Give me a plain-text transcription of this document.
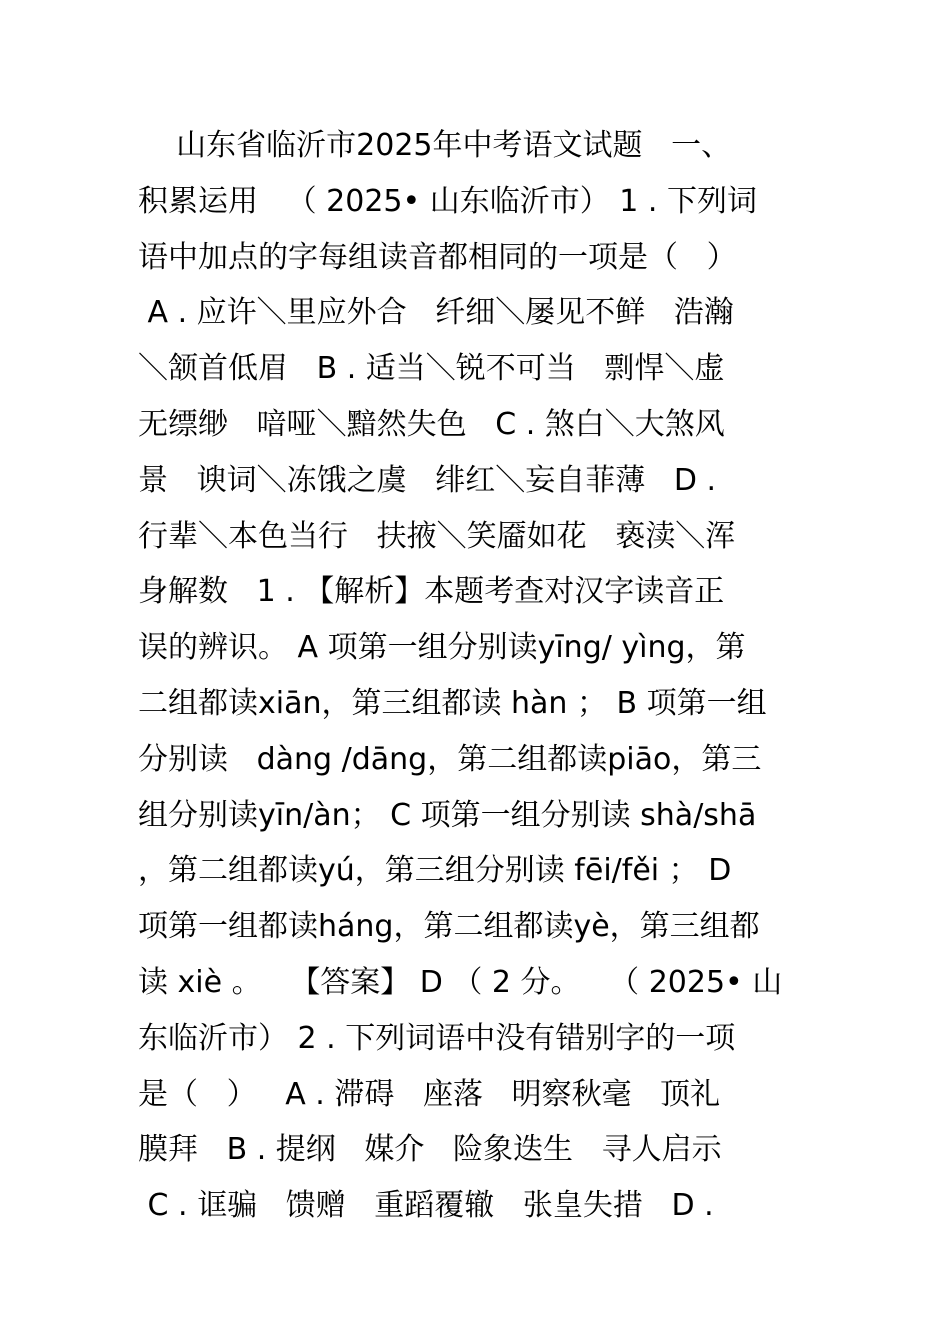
山东省临沂市2025年中考语文试题   一、
积累运用   （ 2025• 山东临沂市） 1 . 下列词
语中加点的字每组读音都相同的一项是（   ）
A . 应许＼里应外合   纤细＼屡见不鲜   浩瀚
＼颔首低眉   B . 适当＼锐不可当   剽悍＼虚
无缥缈   喑哑＼黯然失色   C . 煞白＼大煞风
景   谀词＼冻饿之虞   绯红＼妄自菲薄   D .
行辈＼本色当行   扶掖＼笑靥如花   亵渎＼浑
身解数   1 . 【解析】本题考查对汉字读音正
误的辨识。 A 项第一组分别读yīng/ yìng，第
二组都读xiān，第三组都读 hàn ； B 项第一组
分别读   dàng /dāng，第二组都读piāo，第三
组分别读yīn/àn； C 项第一组分别读 shà/shā
，第二组都读yú，第三组分别读 fēi/fěi ； D
项第一组都读háng，第二组都读yè，第三组都
读 xiè 。   【答案】 D （ 2 分。   （ 2025• 山
东临沂市） 2 . 下列词语中没有错别字的一项
是（   ）   A . 滞碍   座落   明察秋毫   顶礼
膜拜   B . 提纲   媒介   险象迭生   寻人启示
C . 诓骗   馈赠   重蹈覆辙   张皇失措   D .
